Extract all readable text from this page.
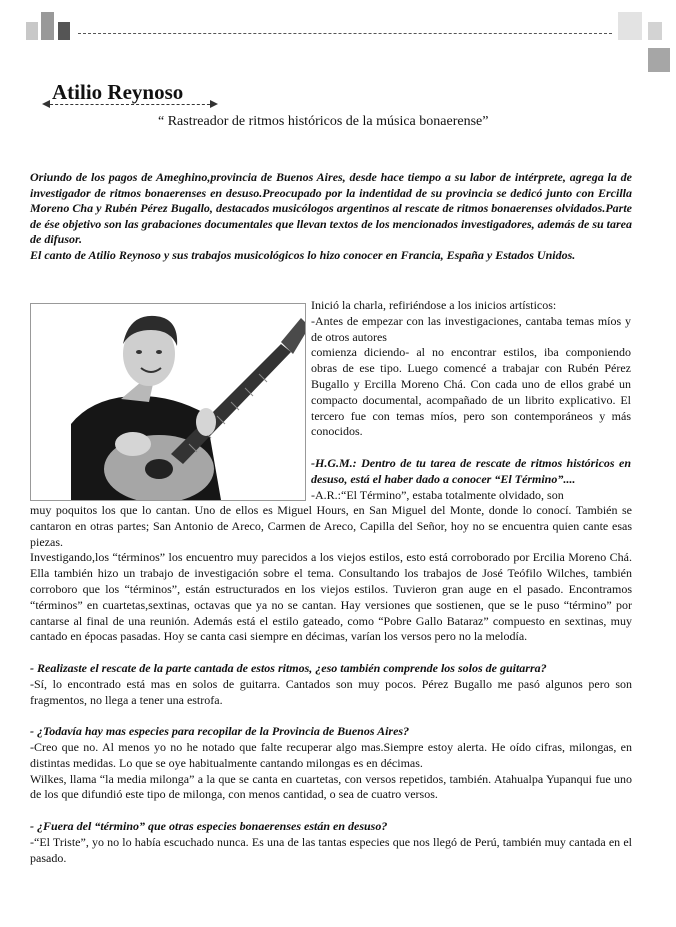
Atilio Reynoso

“ Rastreador de ritmos históricos de la música bonaerense”

Oriundo de los pagos de Ameghino,provincia de Buenos Aires, desde hace tiempo a su labor de intérprete, agrega la de investigador de ritmos bonaerenses en desuso.Preocupado por la indentidad de su provincia se dedicó junto con Ercilla Moreno Cha y Rubén Pérez Bugallo, destacados musicólogos argentinos al rescate de ritmos bonaerenses olvidados.Parte de ése objetivo son las grabaciones documentales que llevan textos de los mencionados investigadores, además de su tarea de difusor.

El canto de Atilio Reynoso y sus trabajos musicológicos lo hizo conocer en Francia, España y Estados Unidos.

Inició la charla, refiriéndose a los inicios artísticos:

-Antes de empezar con las investigaciones, cantaba temas míos y de otros autores

comienza diciendo- al no encontrar estilos, iba componiendo obras de ese tipo. Luego comencé a trabajar con Rubén Pérez Bugallo y Ercilla Moreno Chá. Con cada uno de ellos grabé un compacto documental, acompañado de un librito explicativo. El tercero fue con temas míos, pero son contemporáneos y más conocidos.

-H.G.M.: Dentro de tu tarea de rescate de ritmos históricos en desuso, está el haber dado a conocer “El Término”....

-A.R.:“El Término”, estaba totalmente olvidado, son

muy poquitos los que lo cantan. Uno de ellos es Miguel Hours, en San Miguel del Monte, donde lo conocí. También se cantaron en otras partes; San Antonio de Areco, Carmen de Areco, Capilla del Señor, hoy no se encuentra quien cante esas piezas.

Investigando,los “términos” los encuentro muy parecidos a los viejos estilos, esto está corroborado por Ercilia Moreno Chá. Ella también hizo un trabajo de investigación sobre el tema. Consultando los trabajos de José Teófilo Wilches, también corroboro que los “términos”, están estructurados en los viejos estilos. Tuvieron gran auge en el pasado. Encontramos “términos” en cuartetas,sextinas, octavas que ya no se cantan. Hay versiones que sostienen, que se le puso “término” por cantarse al final de una reunión. Además está el estilo gateado, como “Pobre Gallo Bataraz” compuesto en sextinas, muy cantado en épocas pasadas. Hoy se canta casi siempre en décimas, varían los versos pero no la melodía.

- Realizaste el rescate de la parte cantada de estos ritmos, ¿eso también comprende los solos de guitarra?

-Sí, lo encontrado está mas en solos de guitarra. Cantados son muy pocos. Pérez Bugallo me pasó algunos pero son fragmentos, no llega a tener una estrofa.

- ¿Todavía hay mas especies para recopilar de la Provincia de Buenos Aires?

-Creo que no. Al menos yo no he notado que falte recuperar algo mas.Siempre estoy alerta. He oído cifras, milongas, en distintas medidas. Lo que se oye habitualmente cantando milongas es en décimas.

Wilkes, llama “la media milonga” a la que se canta en cuartetas, con versos repetidos, también. Atahualpa Yupanqui fue uno de los que difundió este tipo de milonga, con menos cantidad, o sea de cuatro versos.

- ¿Fuera del “término” que otras especies bonaerenses están en desuso?

-“El Triste”, yo no lo había escuchado nunca. Es una de las tantas especies que nos llegó de Perú, también muy cantada en el pasado.
